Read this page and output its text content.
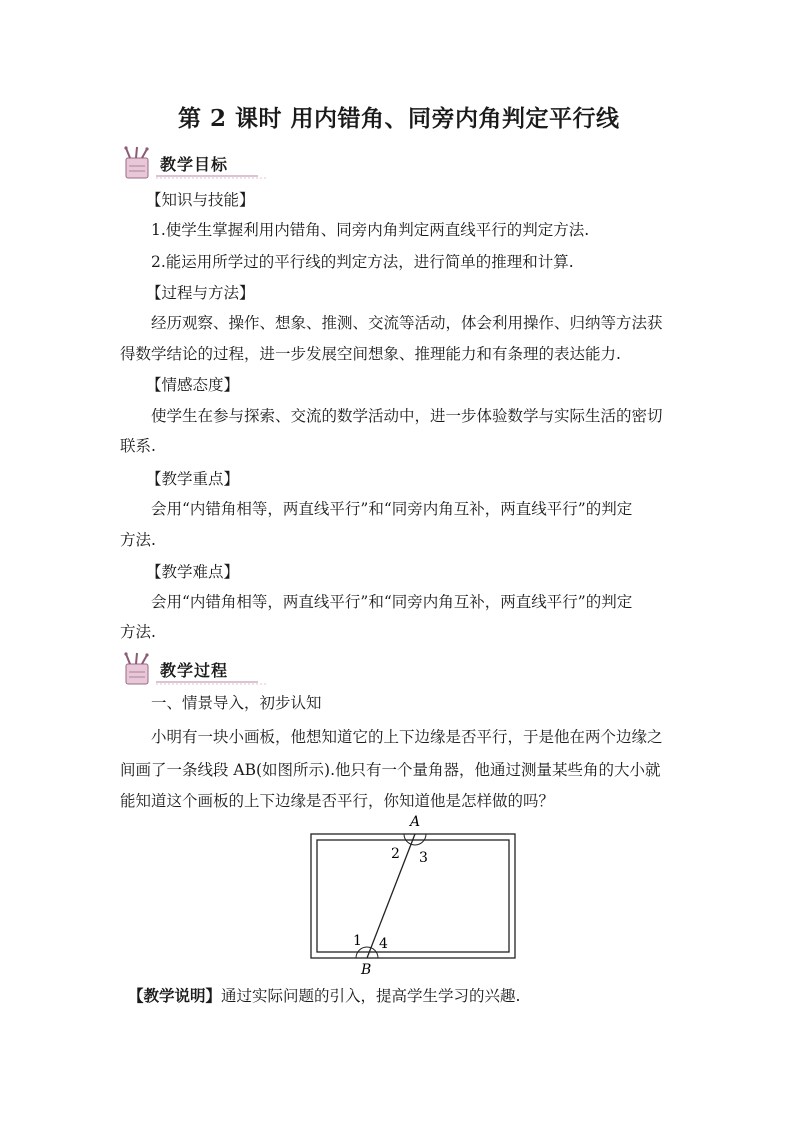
第 2 课时 用内错角、同旁内角判定平行线
教学目标
【知识与技能】
1.使学生掌握利用内错角、同旁内角判定两直线平行的判定方法.
2.能运用所学过的平行线的判定方法，进行简单的推理和计算.
【过程与方法】
经历观察、操作、想象、推测、交流等活动，体会利用操作、归纳等方法获
得数学结论的过程，进一步发展空间想象、推理能力和有条理的表达能力.
【情感态度】
使学生在参与探索、交流的数学活动中，进一步体验数学与实际生活的密切
联系.
【教学重点】
会用“内错角相等，两直线平行”和“同旁内角互补，两直线平行”的判定
方法.
【教学难点】
会用“内错角相等，两直线平行”和“同旁内角互补，两直线平行”的判定
方法.
教学过程
一、情景导入，初步认知
小明有一块小画板，他想知道它的上下边缘是否平行，于是他在两个边缘之
间画了一条线段 AB(如图所示).他只有一个量角器，他通过测量某些角的大小就
能知道这个画板的上下边缘是否平行，你知道他是怎样做的吗？
A
B
2 3
1 4
【教学说明】通过实际问题的引入，提高学生学习的兴趣.
